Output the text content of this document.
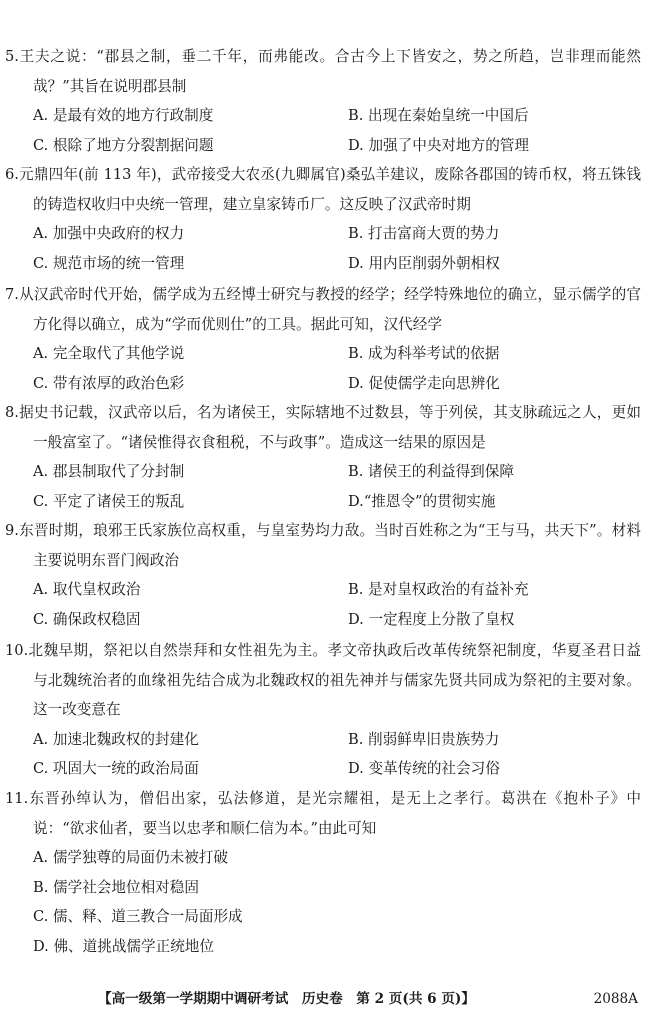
5.王夫之说：“郡县之制，垂二千年，而弗能改。合古今上下皆安之，势之所趋，岂非理而能然哉？”其旨在说明郡县制

A. 是最有效的地方行政制度	B. 出现在秦始皇统一中国后
C. 根除了地方分裂割据问题	D. 加强了中央对地方的管理

6.元鼎四年(前 113 年)，武帝接受大农丞(九卿属官)桑弘羊建议，废除各郡国的铸币权，将五铢钱的铸造权收归中央统一管理，建立皇家铸币厂。这反映了汉武帝时期

A. 加强中央政府的权力	B. 打击富商大贾的势力
C. 规范市场的统一管理	D. 用内臣削弱外朝相权

7.从汉武帝时代开始，儒学成为五经博士研究与教授的经学；经学特殊地位的确立，显示儒学的官方化得以确立，成为“学而优则仕”的工具。据此可知，汉代经学

A. 完全取代了其他学说	B. 成为科举考试的依据
C. 带有浓厚的政治色彩	D. 促使儒学走向思辨化

8.据史书记载，汉武帝以后，名为诸侯王，实际辖地不过数县，等于列侯，其支脉疏远之人，更如一般富室了。“诸侯惟得衣食租税，不与政事”。造成这一结果的原因是

A. 郡县制取代了分封制	B. 诸侯王的利益得到保障
C. 平定了诸侯王的叛乱	D.“推恩令”的贯彻实施

9.东晋时期，琅邪王氏家族位高权重，与皇室势均力敌。当时百姓称之为“王与马，共天下”。材料主要说明东晋门阀政治

A. 取代皇权政治	B. 是对皇权政治的有益补充
C. 确保政权稳固	D. 一定程度上分散了皇权

10.北魏早期，祭祀以自然崇拜和女性祖先为主。孝文帝执政后改革传统祭祀制度，华夏圣君日益与北魏统治者的血缘祖先结合成为北魏政权的祖先神并与儒家先贤共同成为祭祀的主要对象。这一改变意在

A. 加速北魏政权的封建化	B. 削弱鲜卑旧贵族势力
C. 巩固大一统的政治局面	D. 变革传统的社会习俗

11.东晋孙绰认为，僧侣出家，弘法修道，是光宗耀祖，是无上之孝行。葛洪在《抱朴子》中说：“欲求仙者，要当以忠孝和顺仁信为本。”由此可知

A. 儒学独尊的局面仍未被打破
B. 儒学社会地位相对稳固
C. 儒、释、道三教合一局面形成
D. 佛、道挑战儒学正统地位
【高一级第一学期期中调研考试　历史卷　第 2 页(共 6 页)】	2088A
